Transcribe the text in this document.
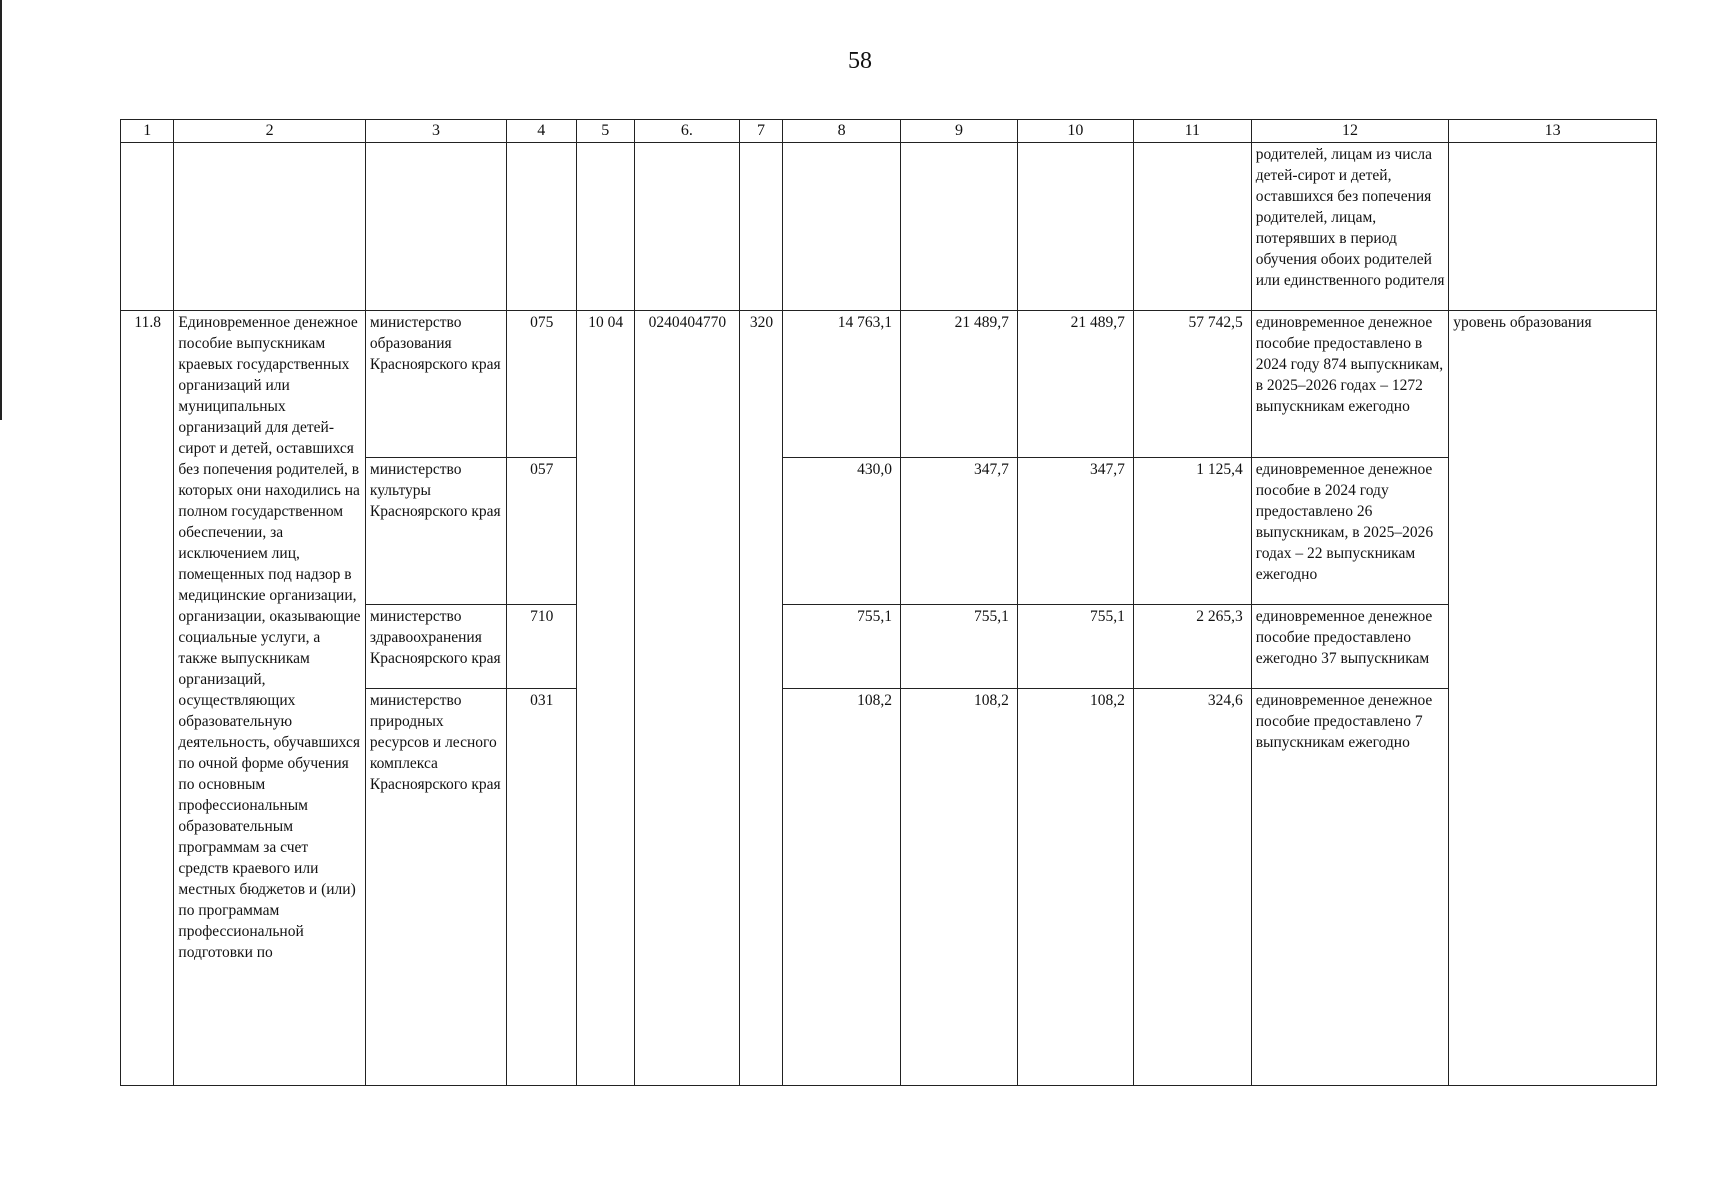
58
1	2	3	4	5	6.	7	8	9	10	11	12	13
											родителей, лицам из числа детей-сирот и детей, оставшихся без попечения родителей, лицам, потерявших в период обучения обоих родителей или единственного родителя	
11.8	Единовременное денежное пособие выпускникам краевых государственных организаций или муниципальных организаций для детей-сирот и детей, оставшихся без попечения родителей, в которых они находились на полном государственном обеспечении, за исключением лиц, помещенных под надзор в медицинские организации, организации, оказывающие социальные услуги, а также выпускникам организаций, осуществляющих образовательную деятельность, обучавшихся по очной форме обучения по основным профессиональным образовательным программам за счет средств краевого или местных бюджетов и (или) по программам профессиональной подготовки по	министерство образования Красноярского края	075	10 04	0240404770	320	14 763,1	21 489,7	21 489,7	57 742,5	единовременное денежное пособие предоставлено в 2024 году 874 выпускникам, в 2025–2026 годах – 1272 выпускникам ежегодно	уровень образования
		министерство культуры Красноярского края	057				430,0	347,7	347,7	1 125,4	единовременное денежное пособие в 2024 году предоставлено 26 выпускникам, в 2025–2026 годах – 22 выпускникам ежегодно	
		министерство здравоохранения Красноярского края	710				755,1	755,1	755,1	2 265,3	единовременное денежное пособие предоставлено ежегодно 37 выпускникам	
		министерство природных ресурсов и лесного комплекса Красноярского края	031				108,2	108,2	108,2	324,6	единовременное денежное пособие предоставлено 7 выпускникам ежегодно	
